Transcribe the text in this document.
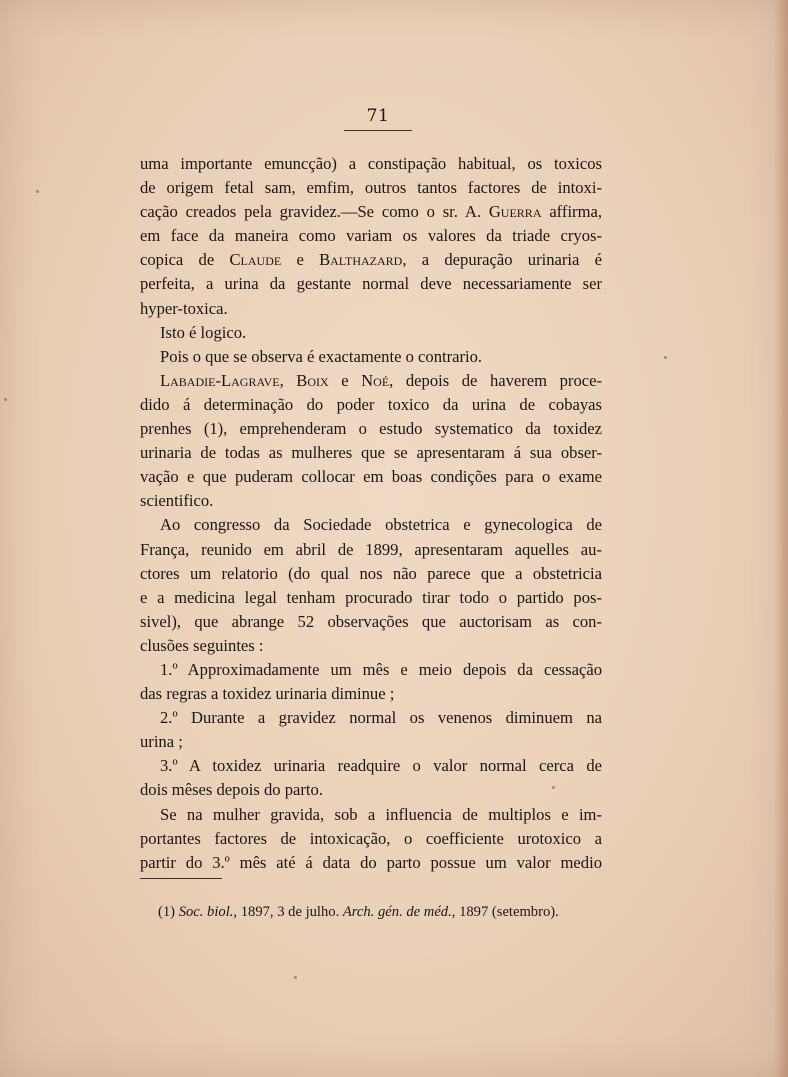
71
uma importante emuncção) a constipação habitual, os toxicos
de origem fetal sam, emfim, outros tantos factores de intoxi-
cação creados pela gravidez.—Se como o sr. A. Guerra affirma,
em face da maneira como variam os valores da triade cryos-
copica de Claude e Balthazard, a depuração urinaria é
perfeita, a urina da gestante normal deve necessariamente ser
hyper-toxica.
Isto é logico.
Pois o que se observa é exactamente o contrario.
Labadie-Lagrave, Boix e Noé, depois de haverem proce-
dido á determinação do poder toxico da urina de cobayas
prenhes (1), emprehenderam o estudo systematico da toxidez
urinaria de todas as mulheres que se apresentaram á sua obser-
vação e que puderam collocar em boas condições para o exame
scientifico.
Ao congresso da Sociedade obstetrica e gynecologica de
França, reunido em abril de 1899, apresentaram aquelles au-
ctores um relatorio (do qual nos não parece que a obstetricia
e a medicina legal tenham procurado tirar todo o partido pos-
sivel), que abrange 52 observações que auctorisam as con-
clusões seguintes :
1.º Approximadamente um mês e meio depois da cessação
das regras a toxidez urinaria diminue ;
2.º Durante a gravidez normal os venenos diminuem na
urina ;
3.º A toxidez urinaria readquire o valor normal cerca de
dois mêses depois do parto.
Se na mulher gravida, sob a influencia de multiplos e im-
portantes factores de intoxicação, o coefficiente urotoxico a
partir do 3.º mês até á data do parto possue um valor medio
(1) Soc. biol., 1897, 3 de julho. Arch. gén. de méd., 1897 (setembro).
